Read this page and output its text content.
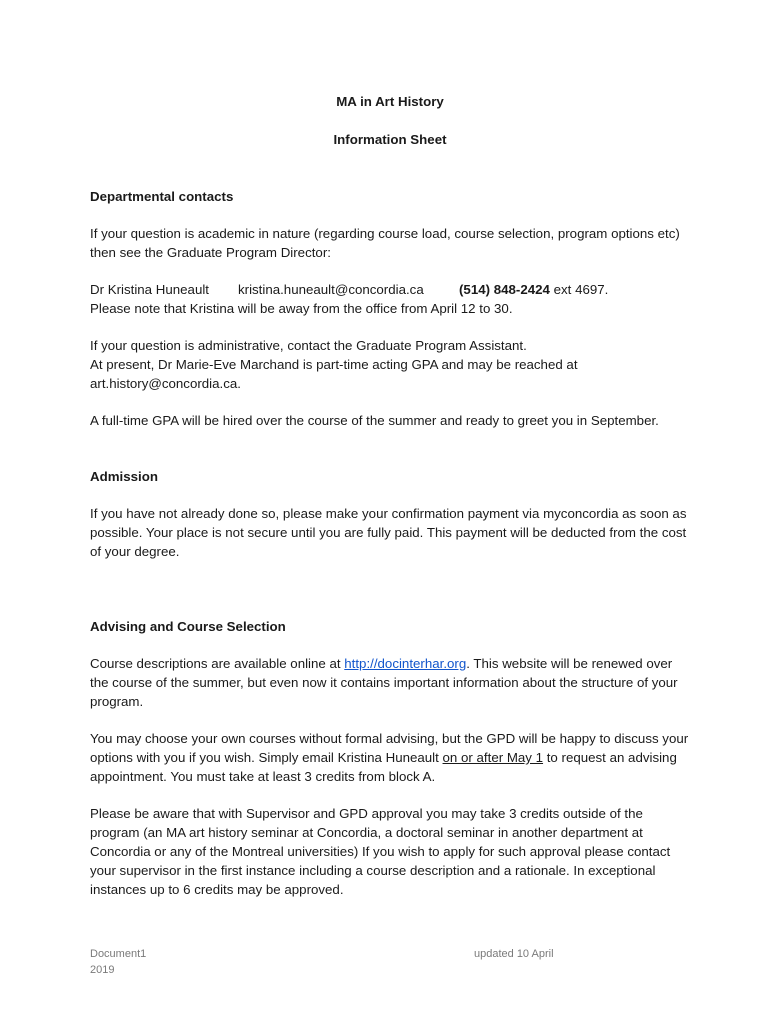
MA in Art History
Information Sheet
Departmental contacts

If your question is academic in nature (regarding course load, course selection, program options etc) then see the Graduate Program Director:

Dr Kristina Huneault kristina.huneault@concordia.ca	(514) 848-2424 ext 4697.
Please note that Kristina will be away from the office from April 12 to 30.

If your question is administrative, contact the Graduate Program Assistant.
At present, Dr Marie-Eve Marchand is part-time acting GPA and may be reached at art.history@concordia.ca.

A full-time GPA will be hired over the course of the summer and ready to greet you in September.

Admission

If you have not already done so, please make your confirmation payment via myconcordia as soon as possible. Your place is not secure until you are fully paid. This payment will be deducted from the cost of your degree.

Advising and Course Selection

Course descriptions are available online at http://docinterhar.org. This website will be renewed over the course of the summer, but even now it contains important information about the structure of your program.

You may choose your own courses without formal advising, but the GPD will be happy to discuss your options with you if you wish. Simply email Kristina Huneault on or after May 1 to request an advising appointment. You must take at least 3 credits from block A.

Please be aware that with Supervisor and GPD approval you may take 3 credits outside of the program (an MA art history seminar at Concordia, a doctoral seminar in another department at Concordia or any of the Montreal universities) If you wish to apply for such approval please contact your supervisor in the first instance including a course description and a rationale. In exceptional instances up to 6 credits may be approved.

Document1 2019
updated 10 April
